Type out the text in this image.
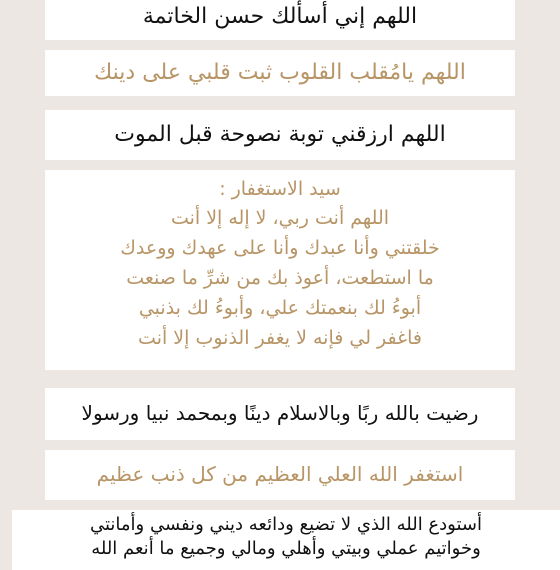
اللهم إني أسألك حسن الخاتمة
اللهم يامُقلب القلوب ثبت قلبي على دينك
اللهم ارزقني توبة نصوحة قبل الموت
سيد الاستغفار :
اللهم أنت ربي، لا إله إلا أنت
خلقتني وأنا عبدك وأنا على عهدك ووعدك
ما استطعت، أعوذ بك من شرِّ ما صنعت
أبوءُ لك بنعمتك علي، وأبوءُ لك بذنبي
فاغفر لي فإنه لا يغفر الذنوب إلا أنت
رضيت بالله ربًا وبالاسلام دينًا وبمحمد نبيا ورسولا
استغفر الله العلي العظيم من كل ذنب عظيم
أستودع الله الذي لا تضيع ودائعه ديني ونفسي وأمانتي
وخواتيم عملي وبيتي وأهلي ومالي وجميع ما أنعم الله
